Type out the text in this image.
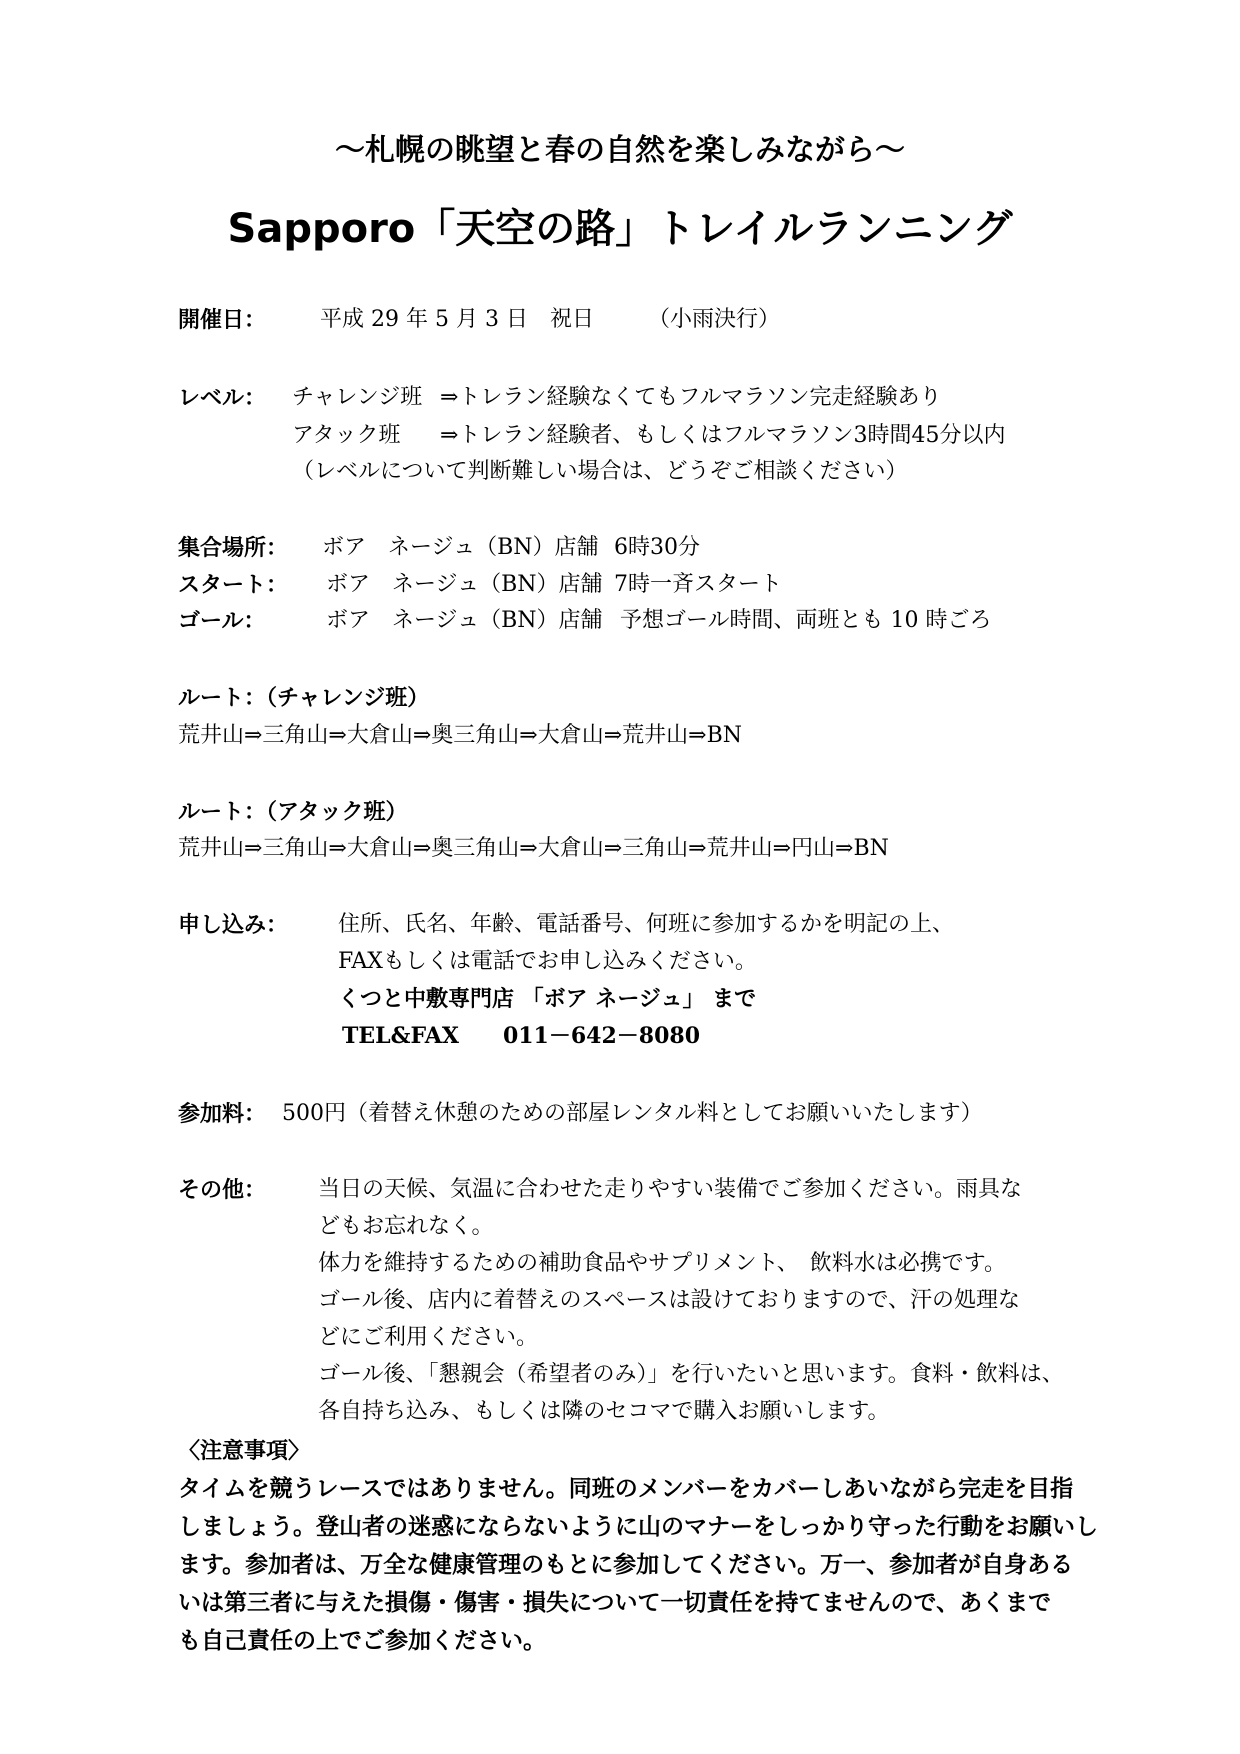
～札幌の眺望と春の自然を楽しみながら～
Sapporo「天空の路」トレイルランニング
開催日： 平成 29 年 5 月 3 日　祝日 （小雨決行）
レベル： チャレンジ班 ⇒トレラン経験なくてもフルマラソン完走経験あり
アタック班 ⇒トレラン経験者、もしくはフルマラソン3時間45分以内
（レベルについて判断難しい場合は、どうぞご相談ください）
集合場所： ボア　ネージュ（BN）店舗 6時30分
スタート： ボア　ネージュ（BN）店舗 7時一斉スタート
ゴール：	ボア　ネージュ（BN）店舗 予想ゴール時間、両班とも 10 時ごろ
ルート：（チャレンジ班）
荒井山⇒三角山⇒大倉山⇒奥三角山⇒大倉山⇒荒井山⇒BN
ルート：（アタック班）
荒井山⇒三角山⇒大倉山⇒奥三角山⇒大倉山⇒三角山⇒荒井山⇒円山⇒BN
申し込み： 住所、氏名、年齢、電話番号、何班に参加するかを明記の上、
FAXもしくは電話でお申し込みください。
くつと中敷専門店 「ボア ネージュ」 まで
TEL&FAX　　011－642－8080
参加料： 500円（着替え休憩のための部屋レンタル料としてお願いいたします）
その他： 当日の天候、気温に合わせた走りやすい装備でご参加ください。雨具な
どもお忘れなく。
体力を維持するための補助食品やサプリメント、　飲料水は必携です。
ゴール後、店内に着替えのスペースは設けておりますので、汗の処理な
どにご利用ください。
ゴール後、「懇親会（希望者のみ）」を行いたいと思います。食料・飲料は、
各自持ち込み、もしくは隣のセコマで購入お願いします。
〈注意事項〉
タイムを競うレースではありません。同班のメンバーをカバーしあいながら完走を目指
しましょう。登山者の迷惑にならないように山のマナーをしっかり守った行動をお願いし
ます。参加者は、万全な健康管理のもとに参加してください。万一、参加者が自身ある
いは第三者に与えた損傷・傷害・損失について一切責任を持てませんので、あくまで
も自己責任の上でご参加ください。
